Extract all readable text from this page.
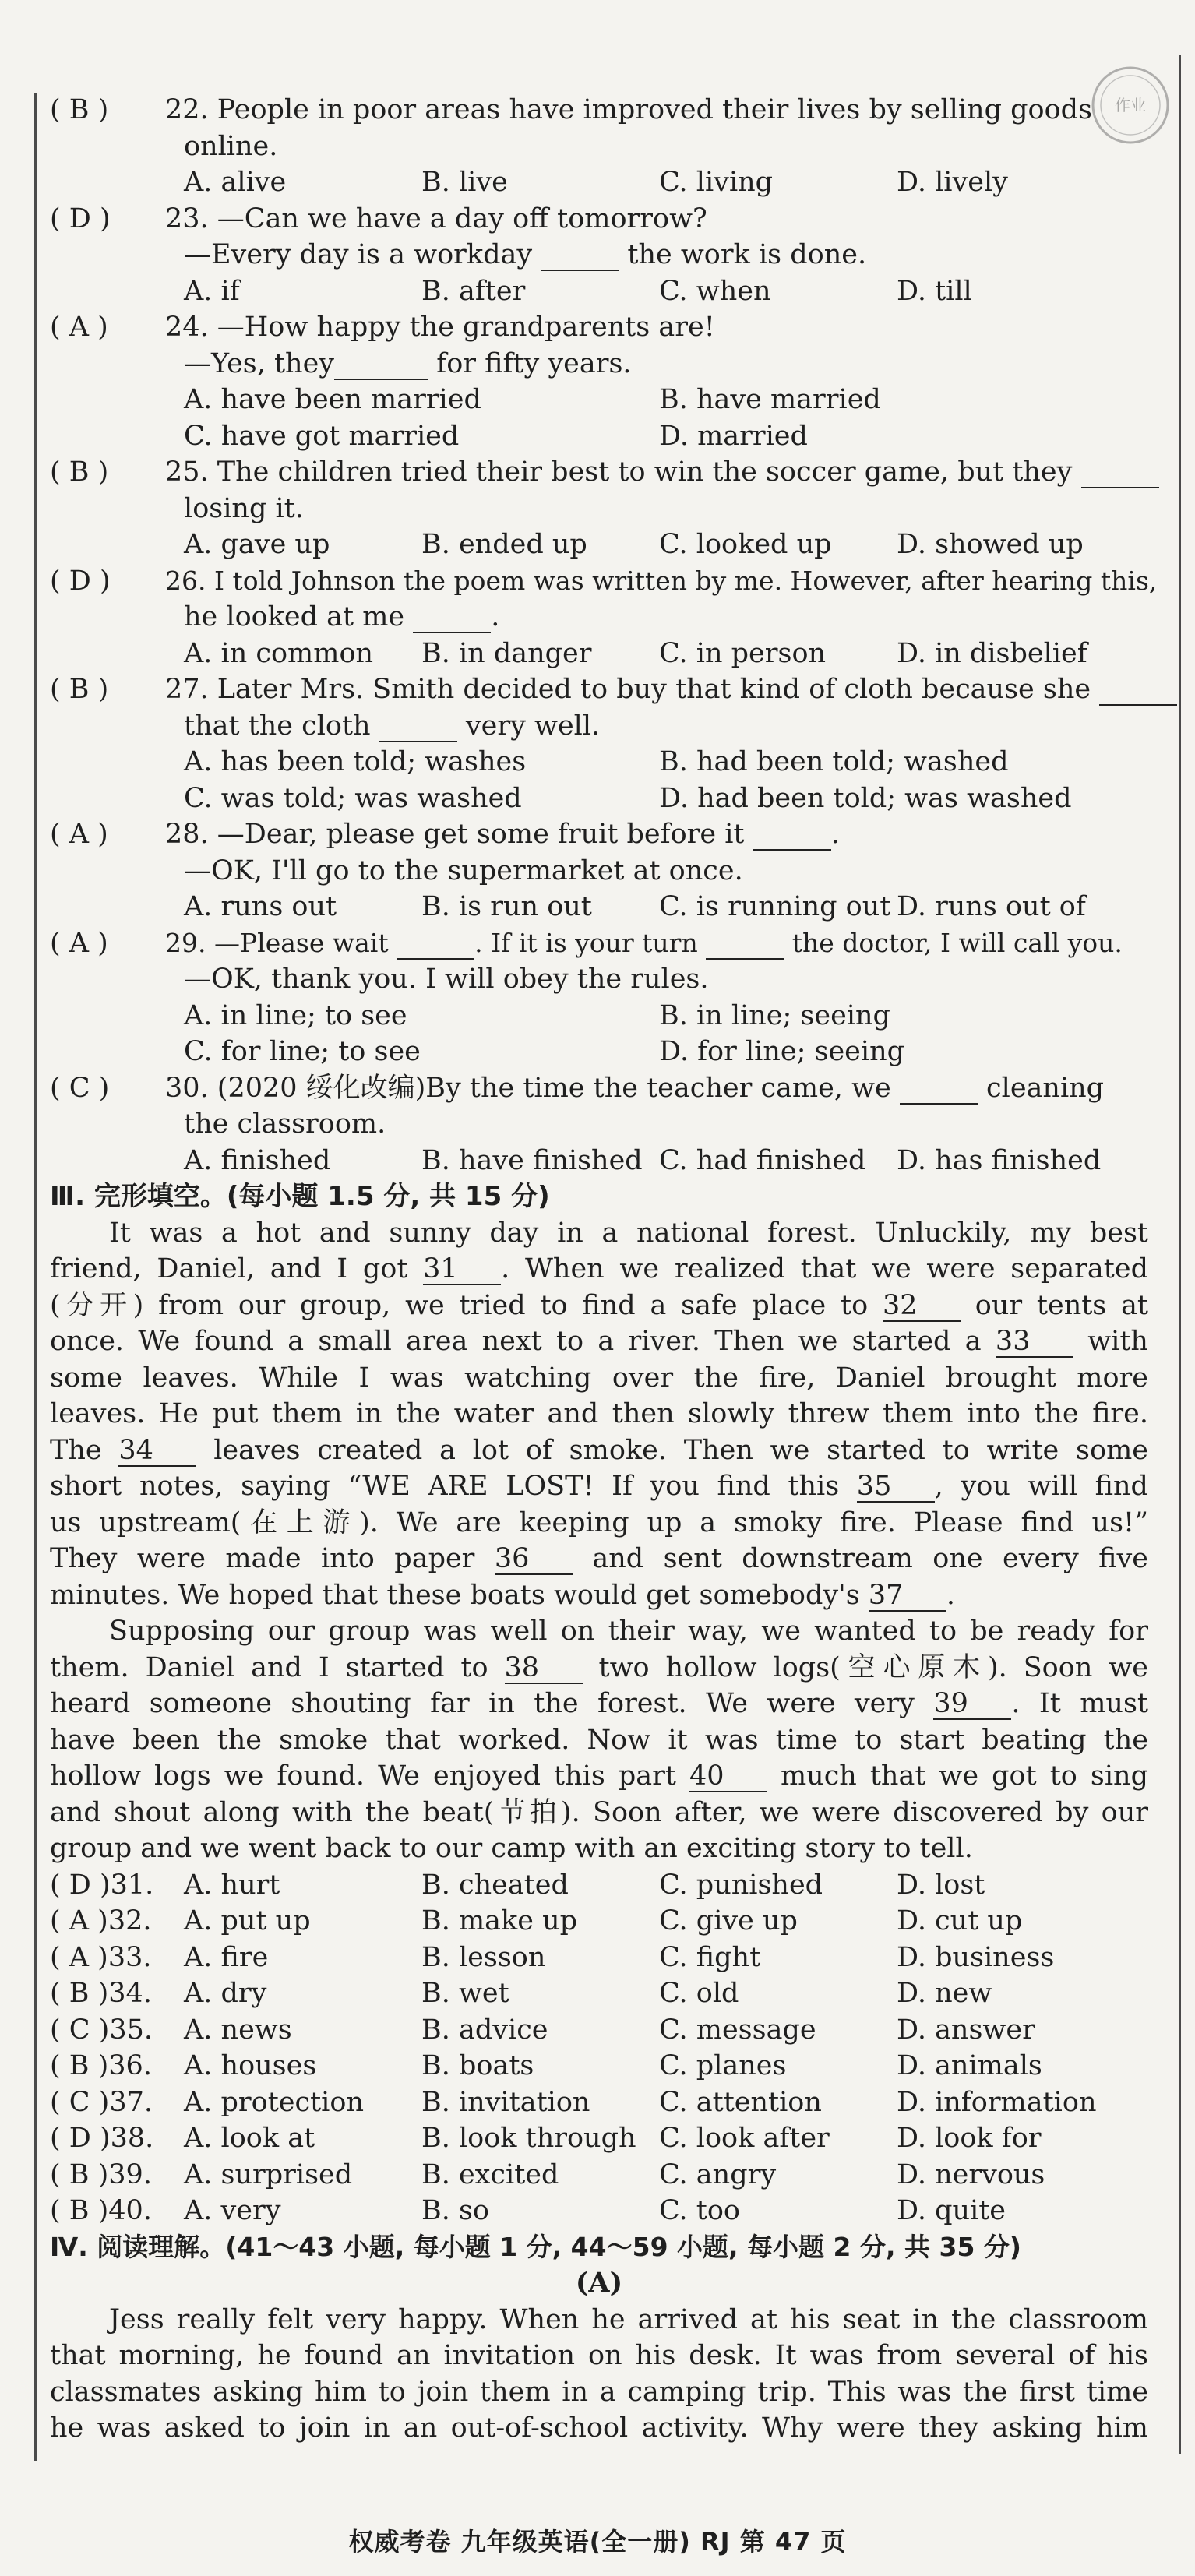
作业
( B ) 22. People in poor areas have improved their lives by selling goods
online.
A. alive	B. live	C. living	D. lively
( D ) 23. —Can we have a day off tomorrow?
—Every day is a workday	the work is done.
A. if	B. after	C. when	D. till
( A ) 24. —How happy the grandparents are!
—Yes, they	for fifty years.
A. have been married	B. have married
C. have got married	D. married
( B ) 25. The children tried their best to win the soccer game, but they
losing it.
A. gave up	B. ended up	C. looked up	D. showed up
( D ) 26. I told Johnson the poem was written by me. However, after hearing this,
he looked at me	.
A. in common	B. in danger	C. in person	D. in disbelief
( B ) 27. Later Mrs. Smith decided to buy that kind of cloth because she
that the cloth	very well.
A. has been told; washes	B. had been told; washed
C. was told; was washed	D. had been told; was washed
( A ) 28. —Dear, please get some fruit before it	.
—OK, I'll go to the supermarket at once.
A. runs out	B. is run out	C. is running out D. runs out of
( A ) 29. —Please wait	. If it is your turn	the doctor, I will call you.
—OK, thank you. I will obey the rules.
A. in line; to see	B. in line; seeing
C. for line; to see	D. for line; seeing
( C ) 30. (2020 绥化改编)By the time the teacher came, we	cleaning
the classroom.
A. finished	B. have finished C. had finished	D. has finished
Ⅲ. 完形填空。(每小题 1.5 分, 共 15 分)
It was a hot and sunny day in a national forest. Unluckily, my best
friend, Daniel, and I got 31 . When we realized that we were separated
(分开) from our group, we tried to find a safe place to 32 our tents at
once. We found a small area next to a river. Then we started a 33 with
some leaves. While I was watching over the fire, Daniel brought more
leaves. He put them in the water and then slowly threw them into the fire.
The 34 leaves created a lot of smoke. Then we started to write some
short notes, saying “WE ARE LOST! If you find this 35 , you will find
us upstream(在上游). We are keeping up a smoky fire. Please find us!”
They were made into paper 36 and sent downstream one every five
minutes. We hoped that these boats would get somebody's 37 .
Supposing our group was well on their way, we wanted to be ready for
them. Daniel and I started to 38 two hollow logs(空心原木). Soon we
heard someone shouting far in the forest. We were very 39 . It must
have been the smoke that worked. Now it was time to start beating the
hollow logs we found. We enjoyed this part 40 much that we got to sing
and shout along with the beat(节拍). Soon after, we were discovered by our
group and we went back to our camp with an exciting story to tell.
( D )31.	A. hurt	B. cheated	C. punished	D. lost
( A )32.	A. put up	B. make up	C. give up	D. cut up
( A )33.	A. fire	B. lesson	C. fight	D. business
( B )34.	A. dry	B. wet	C. old	D. new
( C )35.	A. news	B. advice	C. message	D. answer
( B )36.	A. houses	B. boats	C. planes	D. animals
( C )37.	A. protection	B. invitation	C. attention	D. information
( D )38.	A. look at	B. look through C. look after	D. look for
( B )39.	A. surprised	B. excited	C. angry	D. nervous
( B )40.	A. very	B. so	C. too	D. quite
Ⅳ. 阅读理解。(41～43 小题, 每小题 1 分, 44～59 小题, 每小题 2 分, 共 35 分)
(A)
Jess really felt very happy. When he arrived at his seat in the classroom
that morning, he found an invitation on his desk. It was from several of his
classmates asking him to join them in a camping trip. This was the first time
he was asked to join in an out-of-school activity. Why were they asking him
权威考卷 九年级英语(全一册) RJ 第 47 页
